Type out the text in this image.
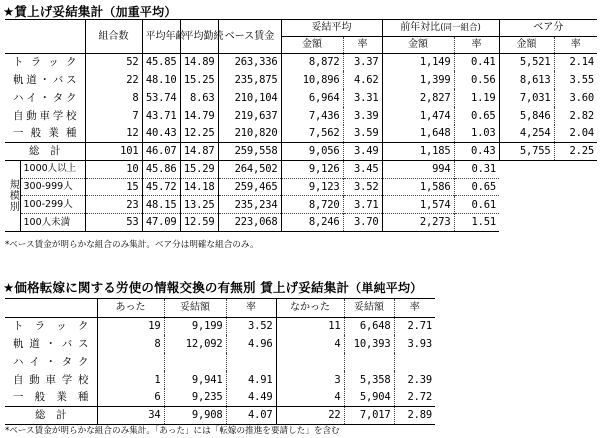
★賃上げ妥結集計（加重平均）
		組合数	平均年齢	平均勤続	ベース賃金	妥結平均		前年対比(同一組合)		ベア分	
						金額	率	金額	率	金額	率
トラック		52	45.85	14.89	263,336	8,872	3.37	1,149	0.41	5,521	2.14
軌道・バス		22	48.10	15.25	235,875	10,896	4.62	1,399	0.56	8,613	3.55
ハイ・タク		8	53.74	8.63	210,104	6,964	3.31	2,827	1.19	7,031	3.60
自動車学校		7	43.71	14.79	219,637	7,436	3.39	1,474	0.65	5,846	2.82
一般業種		12	40.43	12.25	210,820	7,562	3.59	1,648	1.03	4,254	2.04
総　計		101	46.07	14.87	259,558	9,056	3.49	1,185	0.43	5,755	2.25
規模別	1000人以上	10	45.86	15.29	264,502	9,126	3.45	994	0.31		
	300-999人	15	45.72	14.18	259,465	9,123	3.52	1,586	0.65		
	100-299人	23	48.15	13.25	235,234	8,720	3.71	1,574	0.61		
	100人未満	53	47.09	12.59	223,068	8,246	3.70	2,273	1.51		
*ベース賃金が明らかな組合のみ集計。ベア分は明確な組合のみ。
★価格転嫁に関する労使の情報交換の有無別 賃上げ妥結集計（単純平均）
	あった	妥結額	率	なかった	妥結額	率
トラック	19	9,199	3.52	11	6,648	2.71
軌道・バス	8	12,092	4.96	4	10,393	3.93
ハイ・タク						
自動車学校	1	9,941	4.91	3	5,358	2.39
一般業種	6	9,235	4.49	4	5,904	2.72
総　計	34	9,908	4.07	22	7,017	2.89
*ベース賃金が明らかな組合のみ集計。「あった」には「転嫁の推進を要請した」を含む
